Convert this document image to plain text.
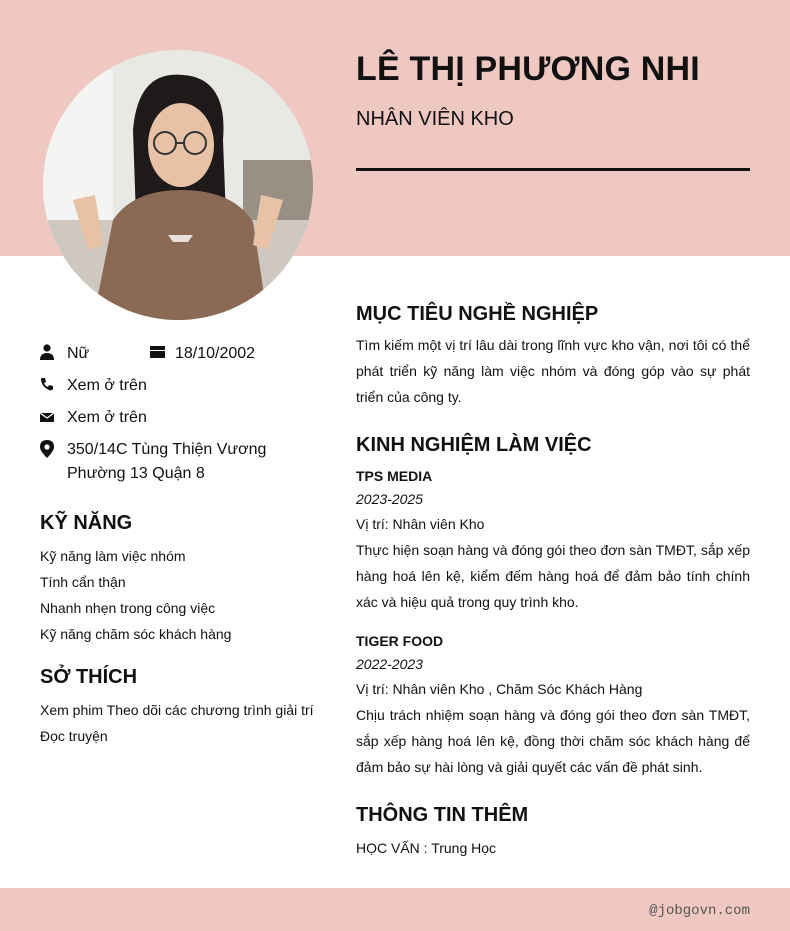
LÊ THỊ PHƯƠNG NHI
NHÂN VIÊN KHO
Nữ	18/10/2002
Xem ở trên
Xem ở trên
350/14C Tùng Thiện Vương
Phường 13 Quận 8
KỸ NĂNG
Kỹ năng làm việc nhóm
Tính cẩn thận
Nhanh nhẹn trong công việc
Kỹ năng chăm sóc khách hàng
SỞ THÍCH
Xem phim Theo dõi các chương trình giải trí
Đọc truyện
MỤC TIÊU NGHỀ NGHIỆP
Tìm kiếm một vị trí lâu dài trong lĩnh vực kho vận, nơi tôi có thể phát triển kỹ năng làm việc nhóm và đóng góp vào sự phát triển của công ty.
KINH NGHIỆM LÀM VIỆC
TPS MEDIA
2023-2025
Vị trí: Nhân viên Kho
Thực hiện soạn hàng và đóng gói theo đơn sàn TMĐT, sắp xếp hàng hoá lên kệ, kiểm đếm hàng hoá để đảm bảo tính chính xác và hiệu quả trong quy trình kho.
TIGER FOOD
2022-2023
Vị trí: Nhân viên Kho , Chăm Sóc Khách Hàng
Chịu trách nhiệm soạn hàng và đóng gói theo đơn sàn TMĐT, sắp xếp hàng hoá lên kệ, đồng thời chăm sóc khách hàng để đảm bảo sự hài lòng và giải quyết các vấn đề phát sinh.
THÔNG TIN THÊM
HỌC VẤN : Trung Học
@jobgovn.com
